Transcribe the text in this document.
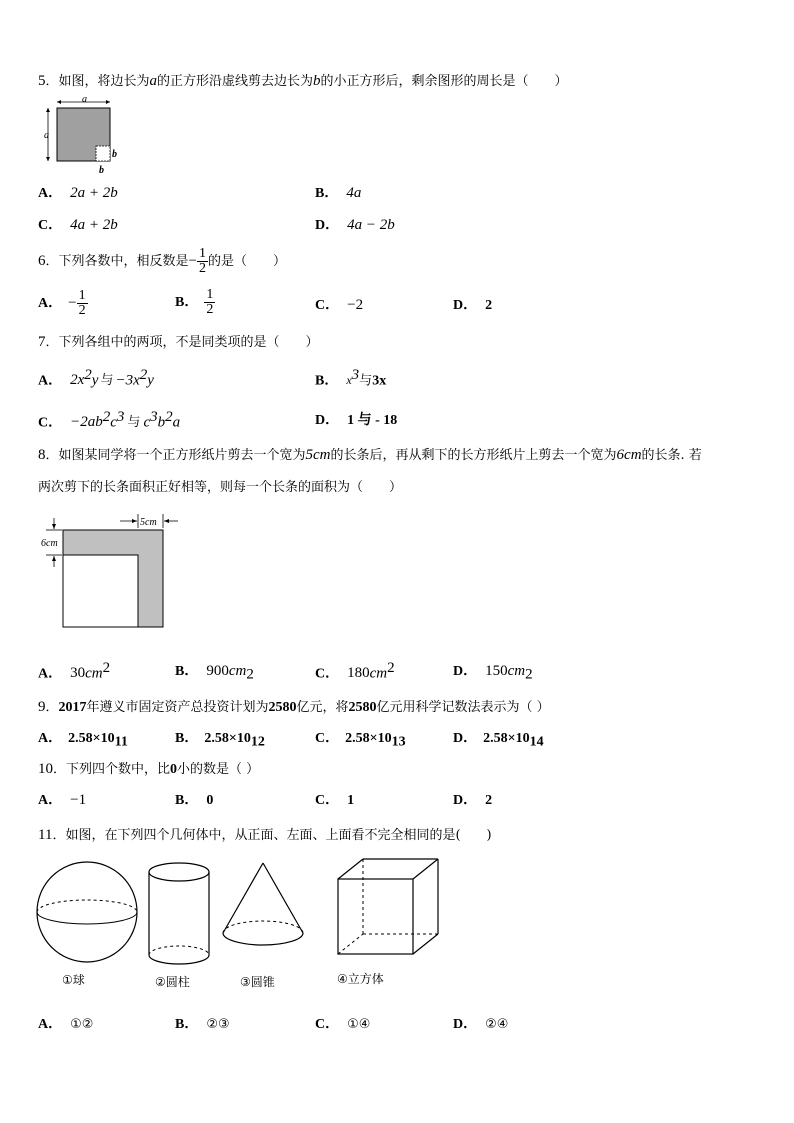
5．如图，将边长为a的正方形沿虚线剪去边长为b的小正方形后，剩余图形的周长是（　　）
a
a
b
b
A． 2a + 2b	B． 4a
C． 4a + 2b	D． 4a − 2b
6．下列各数中，相反数是− $\frac{1}{2}$ 的是（　　）
A． − $\frac{1}{2}$	B． $\frac{1}{2}$	C． −2	D． 2
7．下列各组中的两项，不是同类项的是（　　）
A． $2x^2y$ 与 $-3x^2y$	B． $x^3$与3x
C． $-2ab^2c^3$ 与 $c^3b^2a$	D． 1 与 - 18
8．如图某同学将一个正方形纸片剪去一个宽为5cm的长条后，再从剩下的长方形纸片上剪去一个宽为6cm的长条. 若
两次剪下的长条面积正好相等，则每一个长条的面积为（　　）
5cm
6cm
A． $30cm^2$	B． $900cm_2$	C． $180cm^2$	D． $150cm_2$
9．2017年遵义市固定资产总投资计划为2580亿元，将2580亿元用科学记数法表示为（ ）
A． $2.58\times 10_{11}$	B． $2.58\times 10_{12}$	C． $2.58\times 10_{13}$	D． $2.58\times 10_{14}$
10．下列四个数中，比0小的数是（ ）
A． −1	B． 0	C． 1	D． 2
11．如图，在下列四个几何体中，从正面、左面、上面看不完全相同的是(　　)
①球	②圆柱	③圆锥	④立方体
A． ①②	B． ②③	C． ①④	D． ②④
